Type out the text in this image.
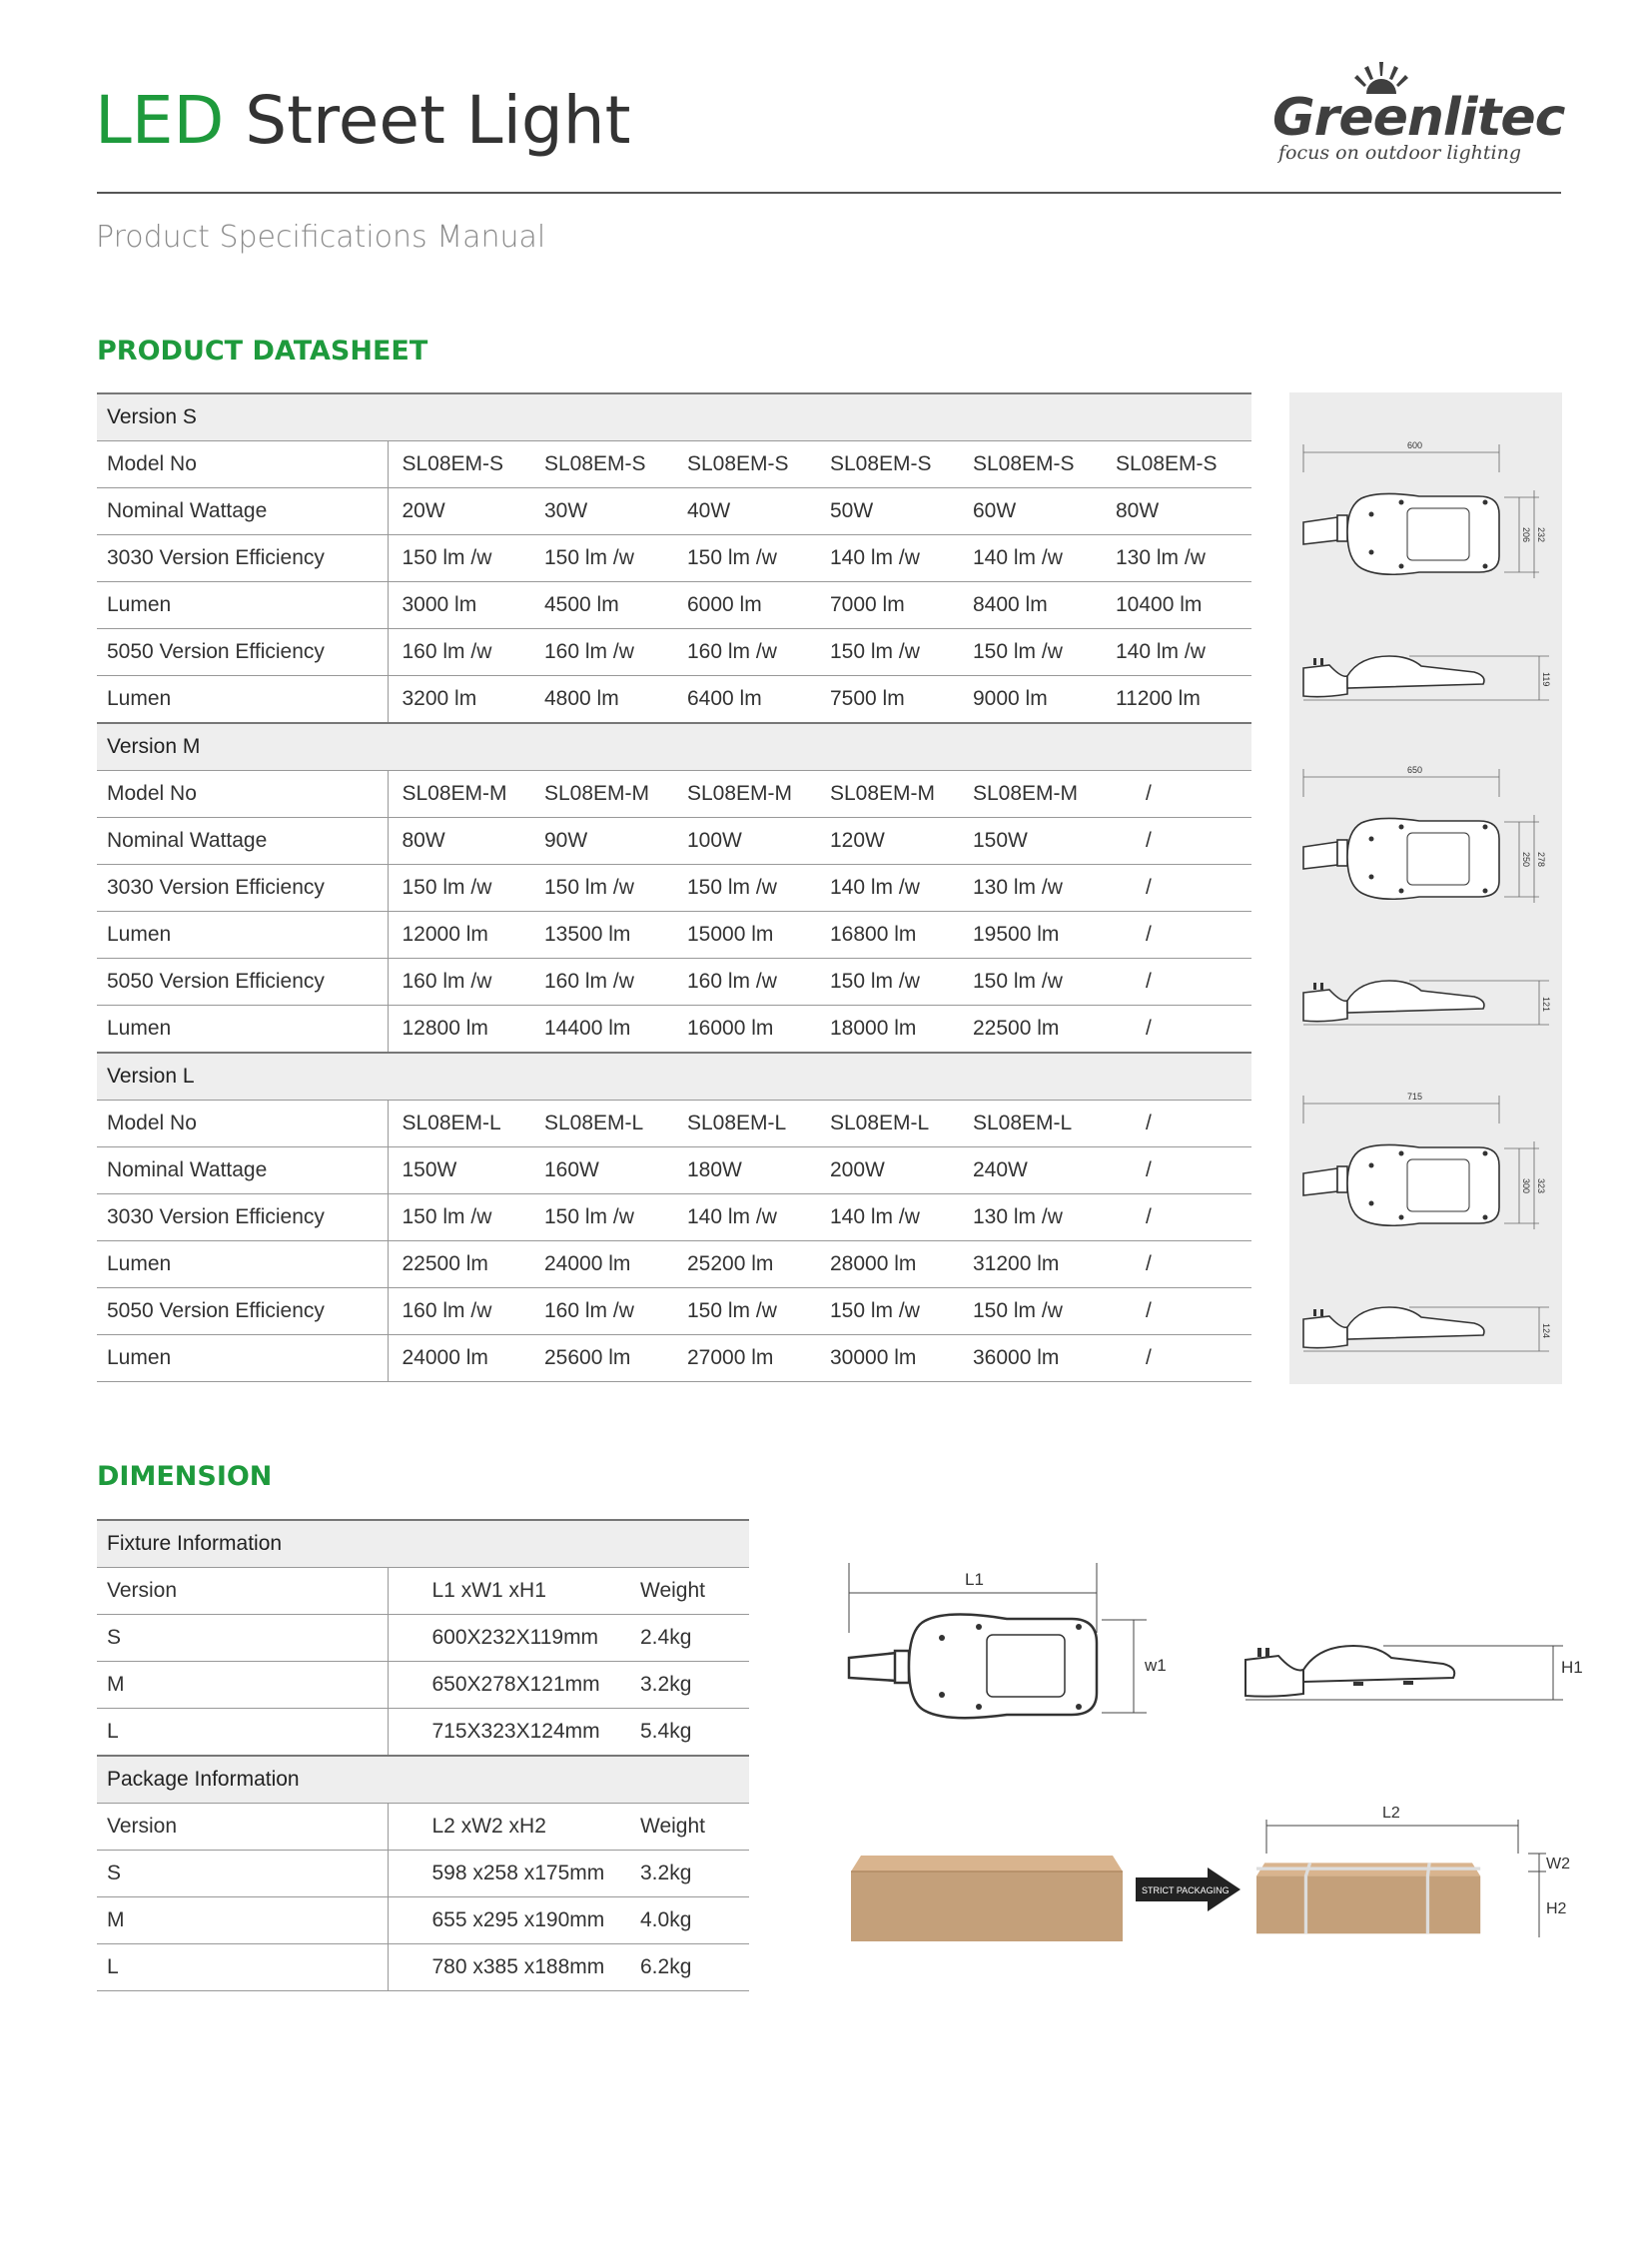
LED Street Light	Greenlitec
focus on outdoor lighting
Product Specifications Manual
PRODUCT DATASHEET
Version S						
Model No	SL08EM-S	SL08EM-S	SL08EM-S	SL08EM-S	SL08EM-S	SL08EM-S
Nominal Wattage	20W	30W	40W	50W	60W	80W
3030 Version Efficiency	150 lm /w	150 lm /w	150 lm /w	140 lm /w	140 lm /w	130 lm /w
Lumen	3000 lm	4500 lm	6000 lm	7000 lm	8400 lm	10400 lm
5050 Version Efficiency	160 lm /w	160 lm /w	160 lm /w	150 lm /w	150 lm /w	140 lm /w
Lumen	3200 lm	4800 lm	6400 lm	7500 lm	9000 lm	11200 lm
Version M						
Model No	SL08EM-M	SL08EM-M	SL08EM-M	SL08EM-M	SL08EM-M	/
Nominal Wattage	80W	90W	100W	120W	150W	/
3030 Version Efficiency	150 lm /w	150 lm /w	150 lm /w	140 lm /w	130 lm /w	/
Lumen	12000 lm	13500 lm	15000 lm	16800 lm	19500 lm	/
5050 Version Efficiency	160 lm /w	160 lm /w	160 lm /w	150 lm /w	150 lm /w	/
Lumen	12800 lm	14400 lm	16000 lm	18000 lm	22500 lm	/
Version L						
Model No	SL08EM-L	SL08EM-L	SL08EM-L	SL08EM-L	SL08EM-L	/
Nominal Wattage	150W	160W	180W	200W	240W	/
3030 Version Efficiency	150 lm /w	150 lm /w	140 lm /w	140 lm /w	130 lm /w	/
Lumen	22500 lm	24000 lm	25200 lm	28000 lm	31200 lm	/
5050 Version Efficiency	160 lm /w	160 lm /w	150 lm /w	150 lm /w	150 lm /w	/
Lumen	24000 lm	25600 lm	27000 lm	30000 lm	36000 lm	/
600
206 232
119
650
250 278
121
715
300 323
124
DIMENSION
Fixture Information		
Version	L1 xW1 xH1	Weight
S	600X232X119mm	2.4kg
M	650X278X121mm	3.2kg
L	715X323X124mm	5.4kg
Package Information		
Version	L2 xW2 xH2	Weight
S	598 x258 x175mm	3.2kg
M	655 x295 x190mm	4.0kg
L	780 x385 x188mm	6.2kg
L1
w1	H1
STRICT PACKAGING
L2
W2
H2
